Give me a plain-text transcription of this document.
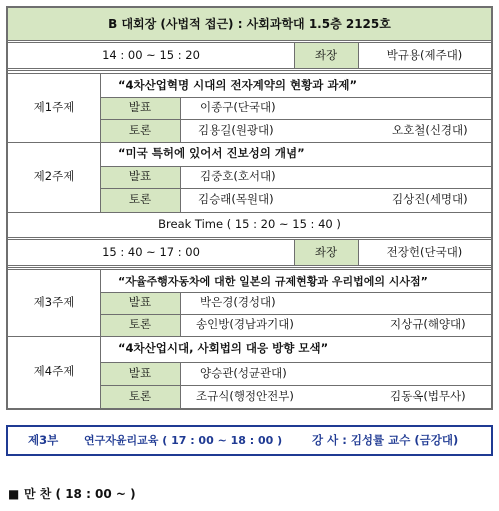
B 대회장 (사법적 접근) : 사회과학대 1.5층 2125호
14 : 00 ~ 15 : 20	좌장	박규용(제주대)
제1주제
“4차산업혁명 시대의 전자계약의 현황과 과제”
발표	이종구(단국대)
토론	김용길(원광대)	오호철(신경대)
제2주제
“미국 특허에 있어서 진보성의 개념”
발표	김중호(호서대)
토론	김승래(목원대)	김상진(세명대)
Break Time ( 15 : 20 ~ 15 : 40 )
15 : 40 ~ 17 : 00	좌장	전장헌(단국대)
제3주제
“자율주행자동차에 대한 일본의 규제현황과 우리법에의 시사점”
발표	박은경(경성대)
토론	송인방(경남과기대)	지상규(해양대)
제4주제
“4차산업시대, 사회법의 대응 방향 모색”
발표	양승관(성균관대)
토론	조규식(행정안전부)	김동옥(법무사)
제3부	연구자윤리교육 ( 17 : 00 ~ 18 : 00 )	강 사 : 김성률 교수 (금강대)
■ 만 찬 ( 18 : 00 ~ )
